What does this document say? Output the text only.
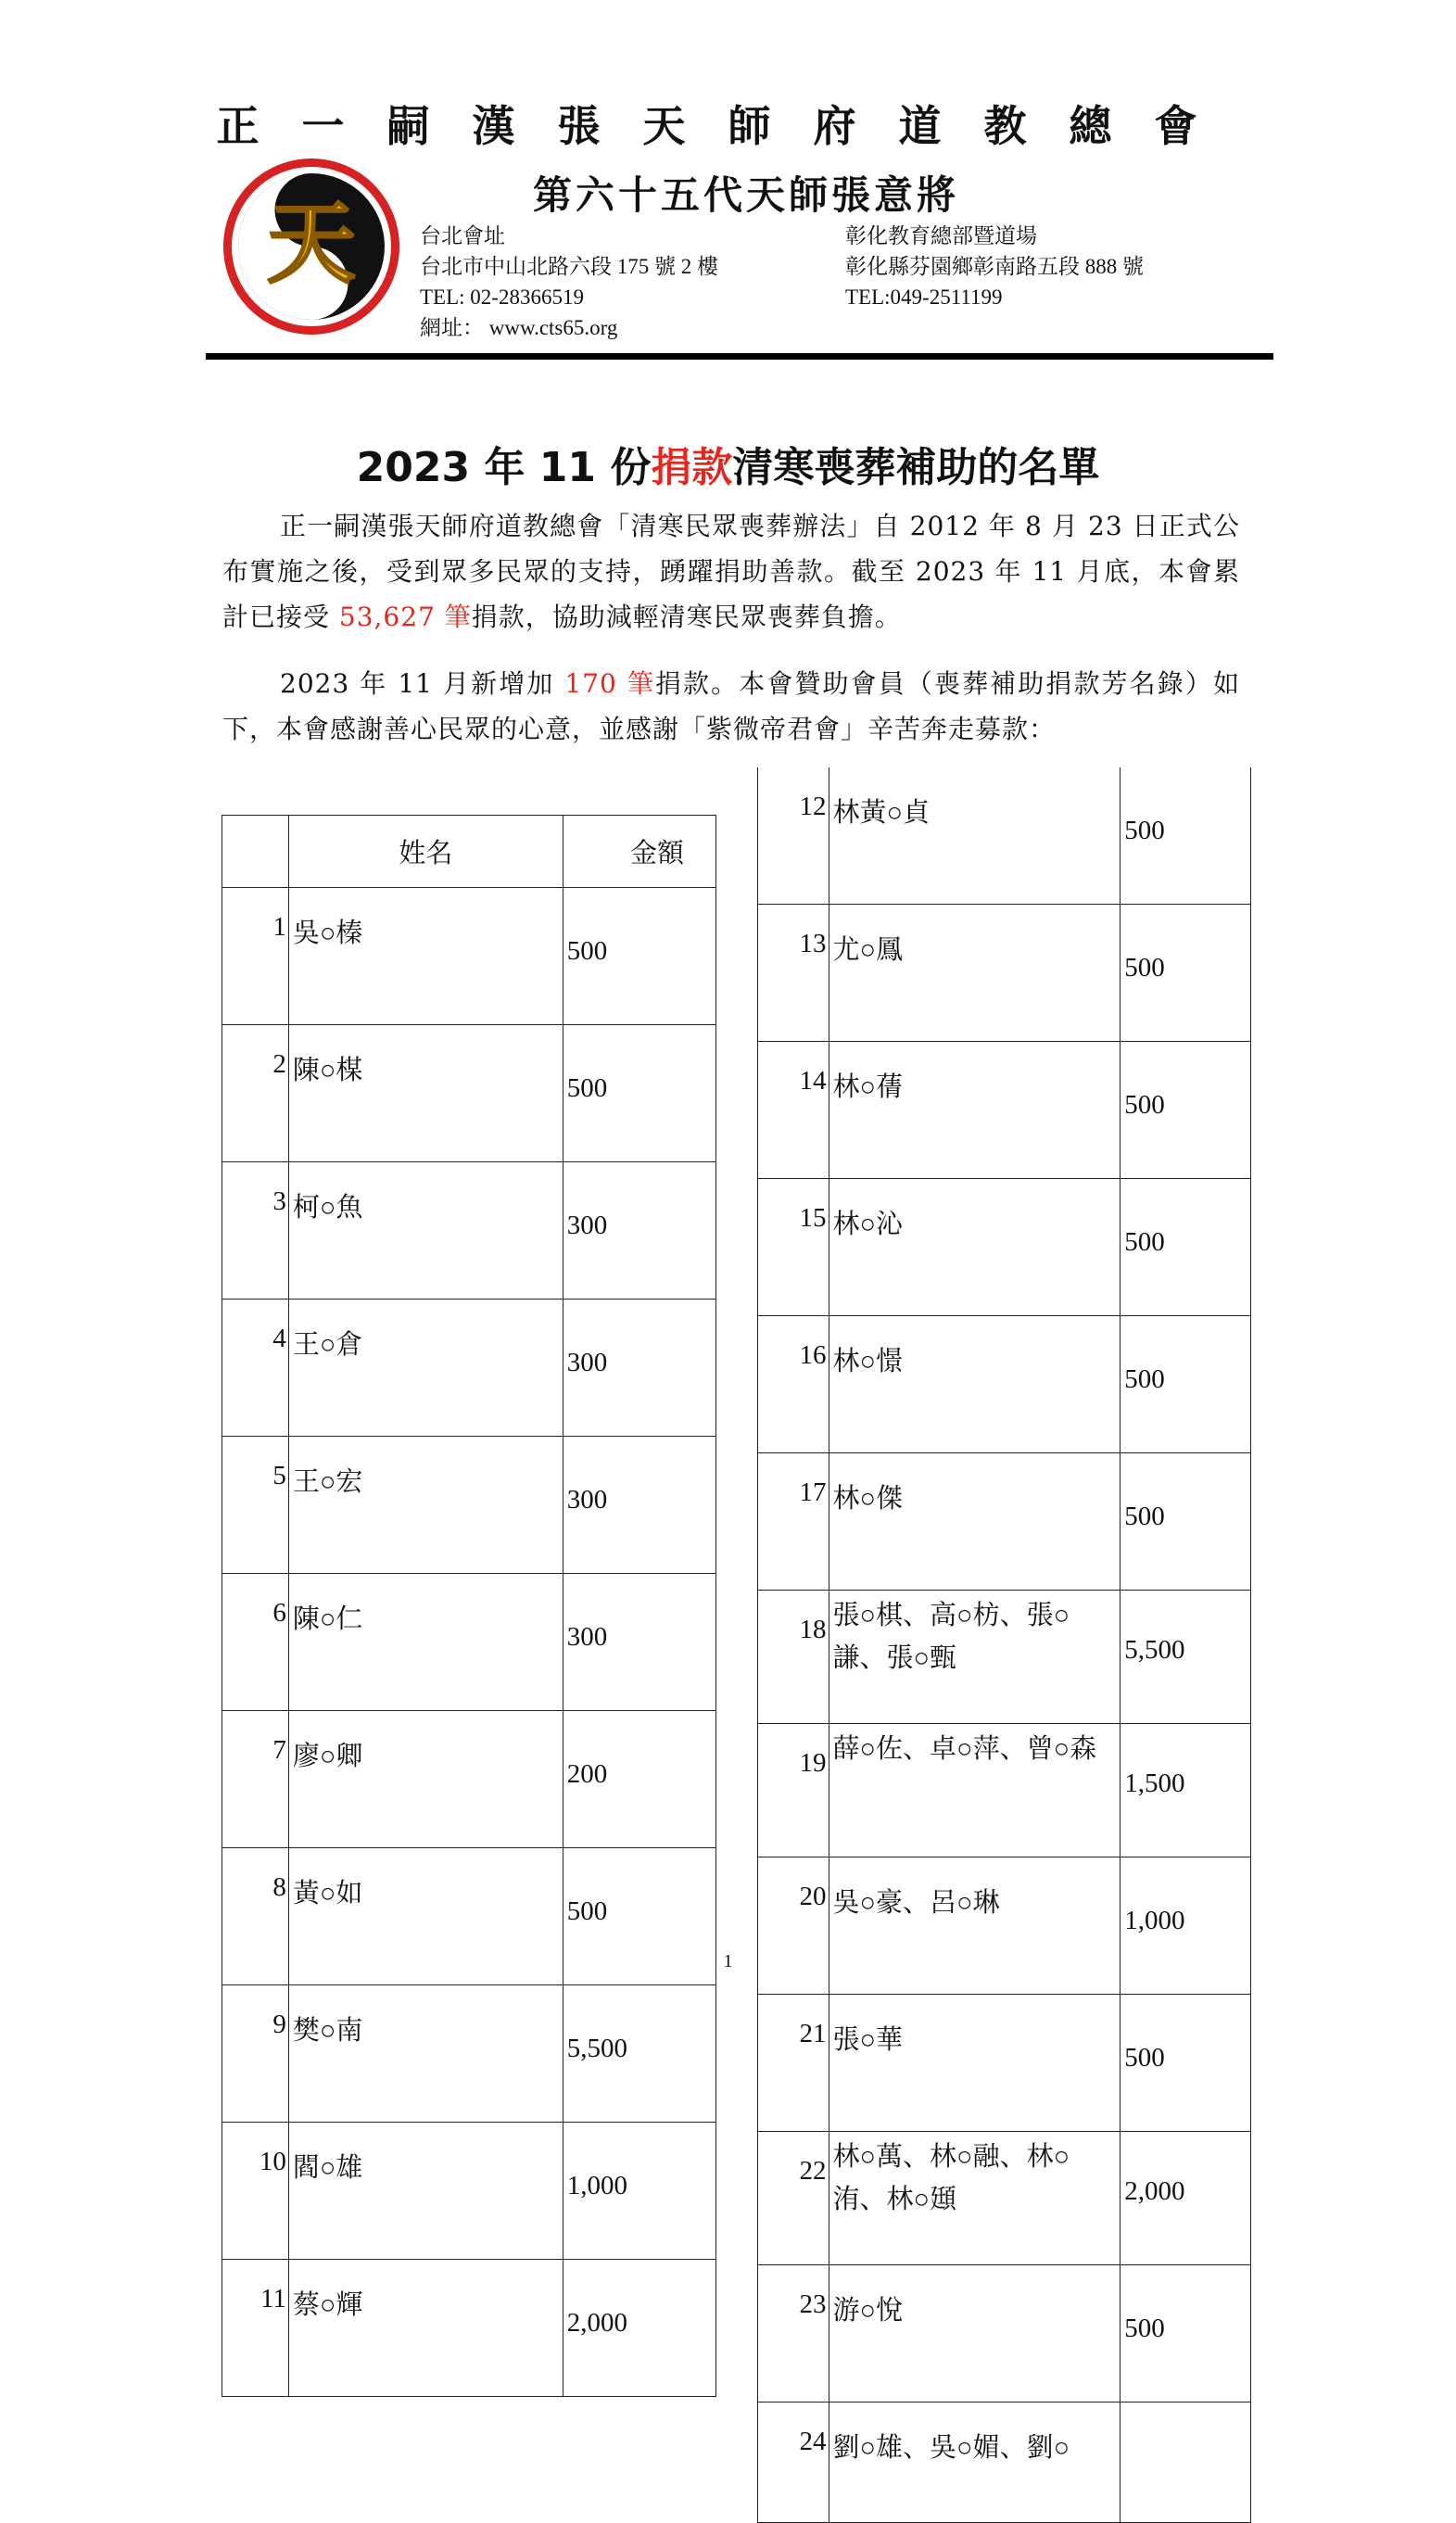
正一嗣漢張天師府道教總會
天	第六十五代天師張意將
台北會址
台北市中山北路六段 175 號 2 樓
TEL: 02-28366519
網址： www.cts65.org
彰化教育總部暨道場
彰化縣芬園鄉彰南路五段 888 號
TEL:049-2511199
2023 年 11 份捐款清寒喪葬補助的名單
正一嗣漢張天師府道教總會「清寒民眾喪葬辦法」自 2012 年 8 月 23 日正式公布實施之後，受到眾多民眾的支持，踴躍捐助善款。截至 2023 年 11 月底，本會累計已接受 53,627 筆捐款，協助減輕清寒民眾喪葬負擔。
2023 年 11 月新增加 170 筆捐款。本會贊助會員（喪葬補助捐款芳名錄）如下，本會感謝善心民眾的心意，並感謝「紫微帝君會」辛苦奔走募款：
	姓名	金額
1	吳○榛	500
2	陳○楳	500
3	柯○魚	300
4	王○倉	300
5	王○宏	300
6	陳○仁	300
7	廖○卿	200
8	黃○如	500
9	樊○南	5,500
10	閻○雄	1,000
11	蔡○輝	2,000
12	林黃○貞	500
13	尤○鳳	500
14	林○蒨	500
15	林○沁	500
16	林○憬	500
17	林○傑	500
18	張○棋、高○枋、張○謙、張○甄	5,500
19	薛○佐、卓○萍、曾○森	1,500
20	吳○豪、呂○琳	1,000
21	張○華	500
22	林○萬、林○融、林○洧、林○頲	2,000
23	游○悅	500
24	劉○雄、吳○媚、劉○	
1
